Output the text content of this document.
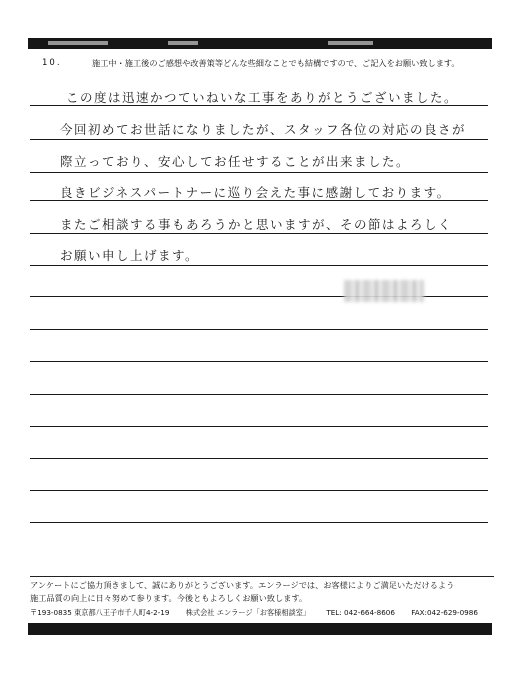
10.	施工中・施工後のご感想や改善策等どんな些細なことでも結構ですので、ご記入をお願い致します。
この度は迅速かつていねいな工事をありがとうございました。
今回初めてお世話になりましたが、スタッフ各位の対応の良さが
際立っており、安心してお任せすることが出来ました。
良きビジネスパートナーに巡り会えた事に感謝しております。
またご相談する事もあろうかと思いますが、その節はよろしく
お願い申し上げます。
アンケートにご協力頂きまして、誠にありがとうございます。エンラージでは、お客様によりご満足いただけるよう
施工品質の向上に日々努めて参ります。今後ともよろしくお願い致します。
〒193-0835 東京都八王子市千人町4-2-19 株式会社 エンラージ「お客様相談室」 TEL: 042-664-8606 FAX:042-629-0986
